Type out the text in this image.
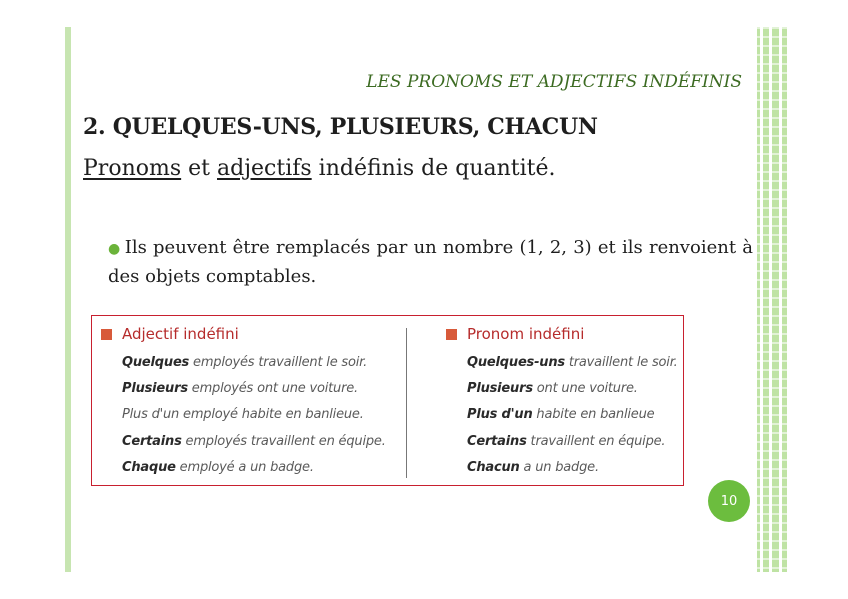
LES PRONOMS ET ADJECTIFS INDÉFINIS
2. QUELQUES-UNS, PLUSIEURS, CHACUN
Pronoms et adjectifs indéfinis de quantité.
● Ils peuvent être remplacés par un nombre (1, 2, 3) et ils renvoient à des objets comptables.
Adjectif indéfini
Quelques employés travaillent le soir.
Plusieurs employés ont une voiture.
Plus d'un employé habite en banlieue.
Certains employés travaillent en équipe.
Chaque employé a un badge.
Pronom indéfini
Quelques-uns travaillent le soir.
Plusieurs ont une voiture.
Plus d'un habite en banlieue
Certains travaillent en équipe.
Chacun a un badge.
10
